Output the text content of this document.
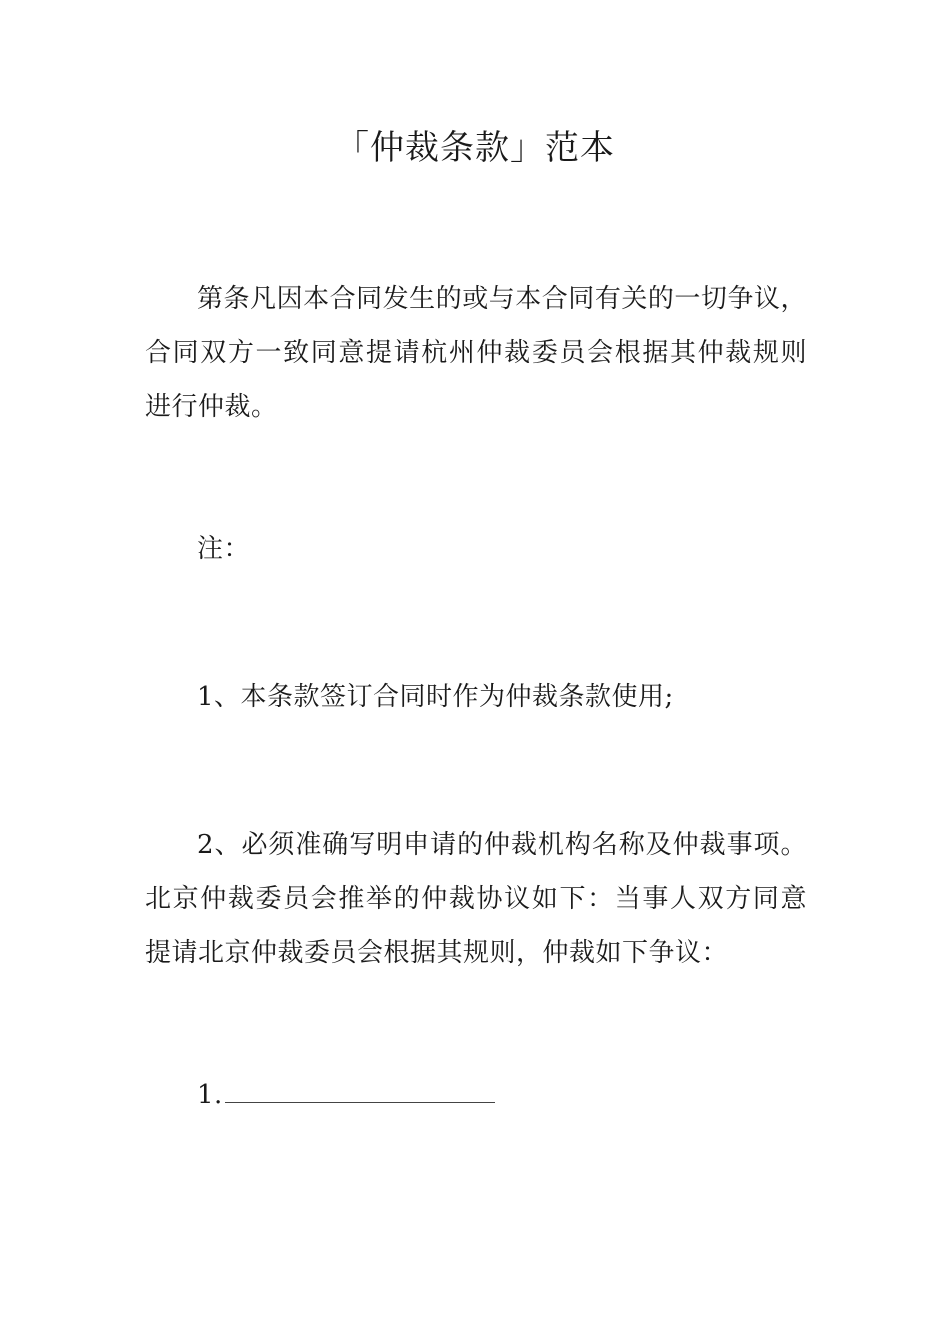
「仲裁条款」范本

第条凡因本合同发生的或与本合同有关的一切争议，合同双方一致同意提请杭州仲裁委员会根据其仲裁规则进行仲裁。

注：

1、本条款签订合同时作为仲裁条款使用;

2、必须准确写明申请的仲裁机构名称及仲裁事项。北京仲裁委员会推举的仲裁协议如下：当事人双方同意提请北京仲裁委员会根据其规则，仲裁如下争议：

1.
